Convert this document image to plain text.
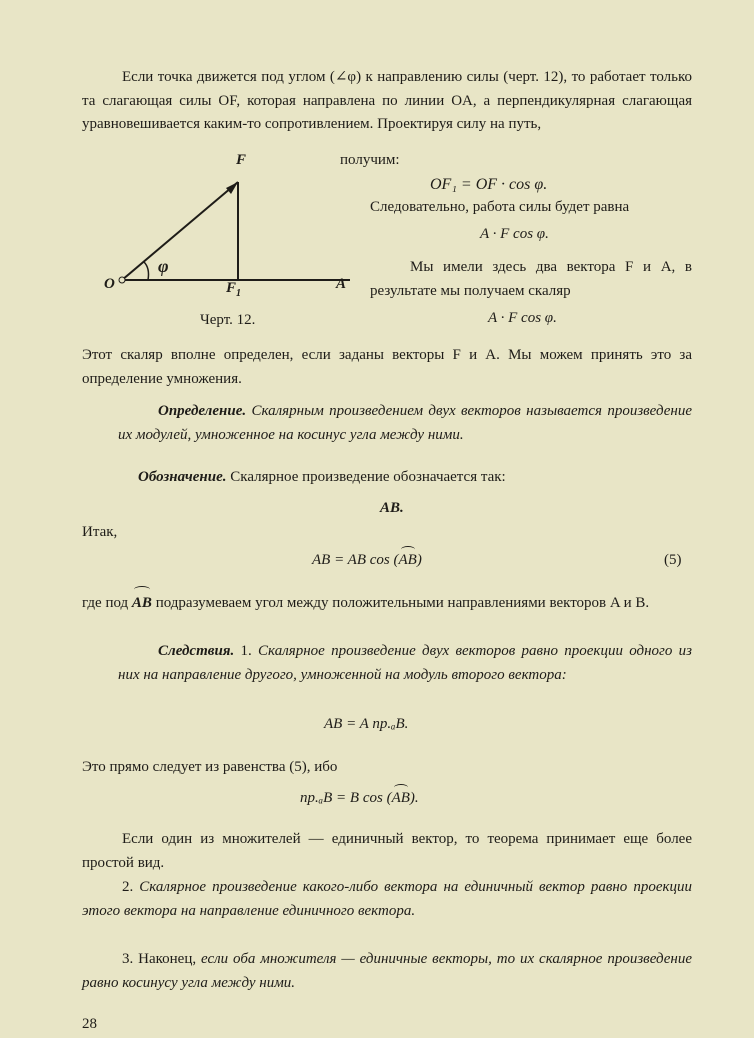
Если точка движется под углом (∠φ) к направлению силы (черт. 12), то работает только та слагающая силы OF, которая направлена по линии OA, а перпендикулярная слагающая уравновешивается каким-то сопротивлением. Проектируя силу на путь,
получим:
F
φ
O	$F_1$
A
Черт. 12.
OF₁ = OF · cos φ.
Следовательно, работа силы будет равна
A · F cos φ.
Мы имели здесь два вектора F и A, в результате мы получаем скаляр
A · F cos φ.
Этот скаляр вполне определен, если заданы векторы F и A. Мы можем принять это за определение умножения.
Определение. Скалярным произведением двух векторов называется произведение их модулей, умноженное на косинус угла между ними.
Обозначение. Скалярное произведение обозначается так:
AB.
Итак,
AB = AB cos (AB)	(5)
где под AB подразумеваем угол между положительными направлениями векторов A и B.
Следствия. 1. Скалярное произведение двух векторов равно проекции одного из них на направление другого, умноженной на модуль второго вектора:
AB = A пр.ₐB.
Это прямо следует из равенства (5), ибо
пр.ₐB = B cos (AB).
Если один из множителей — единичный вектор, то теорема принимает еще более простой вид.
2. Скалярное произведение какого-либо вектора на единичный вектор равно проекции этого вектора на направление единичного вектора.
3. Наконец, если оба множителя — единичные векторы, то их скалярное произведение равно косинусу угла между ними.
28
